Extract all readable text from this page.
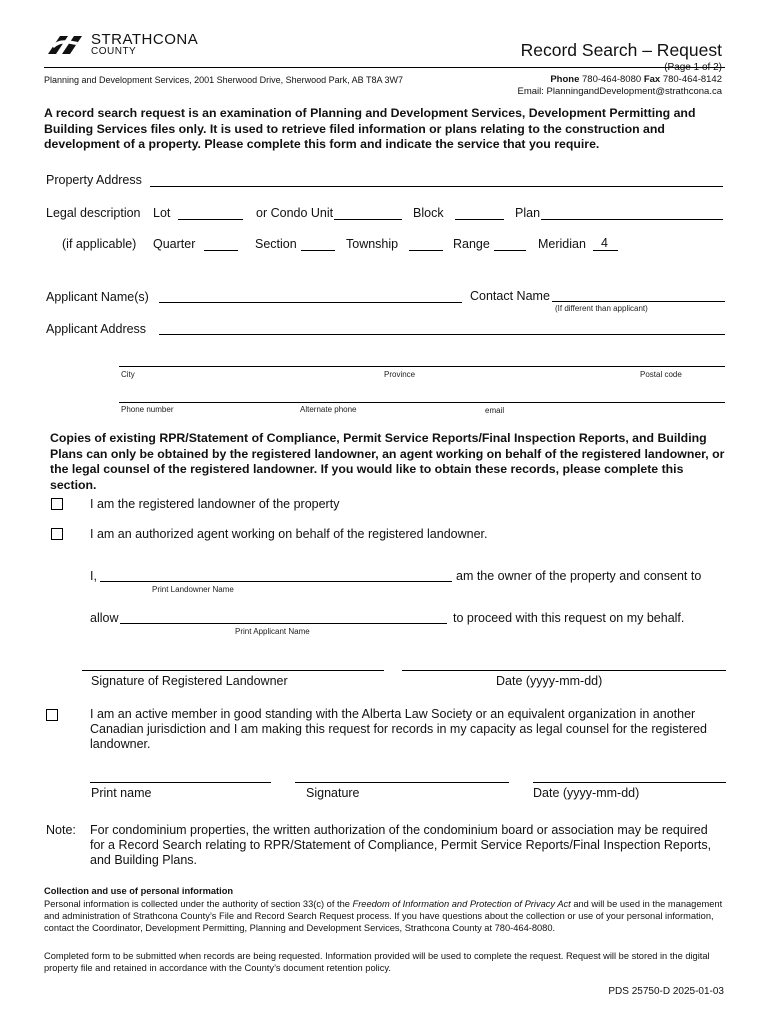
STRATHCONA
COUNTY	Record Search – Request
(Page 1 of 2)
Planning and Development Services, 2001 Sherwood Drive, Sherwood Park, AB T8A 3W7	Phone 780-464-8080 Fax 780-464-8142
Email: PlanningandDevelopment@strathcona.ca
A record search request is an examination of Planning and Development Services, Development Permitting and Building Services files only. It is used to retrieve filed information or plans relating to the construction and development of a property. Please complete this form and indicate the service that you require.
Property Address
Legal description Lot	or Condo Unit	Block	Plan
(if applicable) Quarter	Section	Township	Range	Meridian 4
Applicant Name(s)	Contact Name
(If different than applicant)
Applicant Address
City	Province	Postal code
Phone number	Alternate phone	email
Copies of existing RPR/Statement of Compliance, Permit Service Reports/Final Inspection Reports, and Building Plans can only be obtained by the registered landowner, an agent working on behalf of the registered landowner, or the legal counsel of the registered landowner. If you would like to obtain these records, please complete this section.
I am the registered landowner of the property
I am an authorized agent working on behalf of the registered landowner.
I,	am the owner of the property and consent to
Print Landowner Name
allow	to proceed with this request on my behalf.
Print Applicant Name
Signature of Registered Landowner	Date (yyyy-mm-dd)
I am an active member in good standing with the Alberta Law Society or an equivalent organization in another Canadian jurisdiction and I am making this request for records in my capacity as legal counsel for the registered landowner.
Print name	Signature	Date (yyyy-mm-dd)
Note: For condominium properties, the written authorization of the condominium board or association may be required for a Record Search relating to RPR/Statement of Compliance, Permit Service Reports/Final Inspection Reports, and Building Plans.
Collection and use of personal information
Personal information is collected under the authority of section 33(c) of the Freedom of Information and Protection of Privacy Act and will be used in the management and administration of Strathcona County’s File and Record Search Request process. If you have questions about the collection or use of your personal information, contact the Coordinator, Development Permitting, Planning and Development Services, Strathcona County at 780-464-8080.
Completed form to be submitted when records are being requested. Information provided will be used to complete the request. Request will be stored in the digital property file and retained in accordance with the County’s document retention policy.
PDS 25750-D 2025-01-03
